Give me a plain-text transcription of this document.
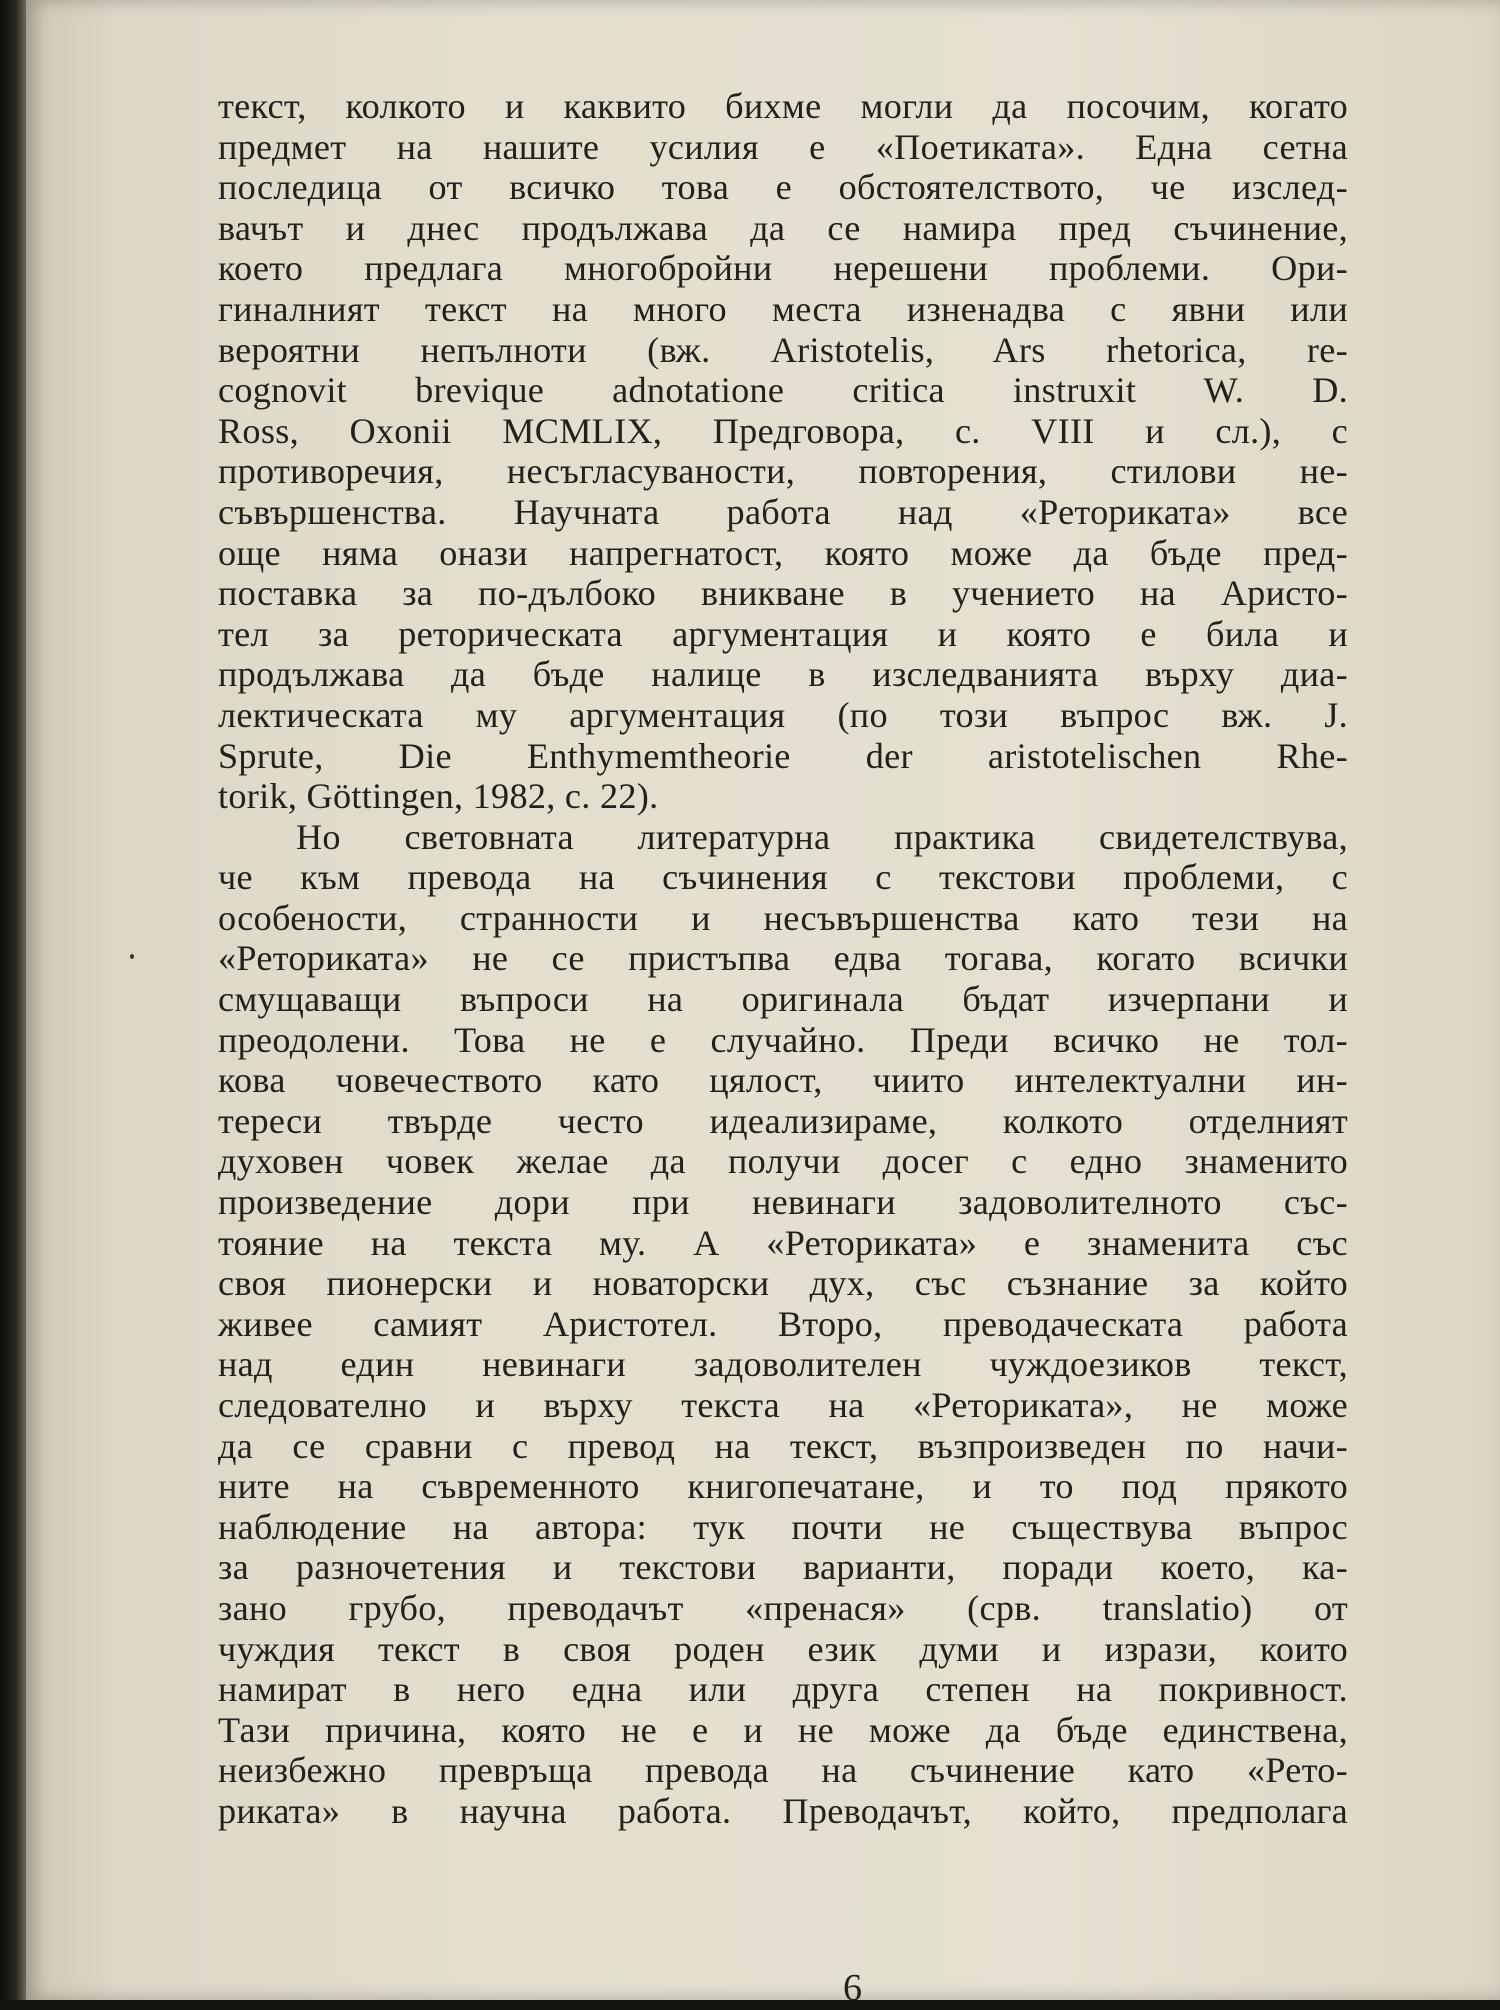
текст, колкото и каквито бихме могли да посочим, когато
предмет на нашите усилия е «Поетиката». Една сетна
последица от всичко това е обстоятелството, че изслед-
вачът и днес продължава да се намира пред съчинение,
което предлага многобройни нерешени проблеми. Ори-
гиналният текст на много места изненадва с явни или
вероятни непълноти (вж. Aristotelis, Ars rhetorica, re-
cognovit brevique adnotatione critica instruxit W. D.
Ross, Oxonii MCMLIX, Предговора, с. VIII и сл.), с
противоречия, несъгласуваности, повторения, стилови не-
съвършенства. Научната работа над «Реториката» все
още няма онази напрегнатост, която може да бъде пред-
поставка за по-дълбоко вникване в учението на Аристо-
тел за реторическата аргументация и която е била и
продължава да бъде налице в изследванията върху диа-
лектическата му аргументация (по този въпрос вж. J.
Sprute, Die Enthymemtheorie der aristotelischen Rhe-
torik, Göttingen, 1982, с. 22).
Но световната литературна практика свидетелствува,
че към превода на съчинения с текстови проблеми, с
особености, странности и несъвършенства като тези на
«Реториката» не се пристъпва едва тогава, когато всички
смущаващи въпроси на оригинала бъдат изчерпани и
преодолени. Това не е случайно. Преди всичко не тол-
кова човечеството като цялост, чиито интелектуални ин-
тереси твърде често идеализираме, колкото отделният
духовен човек желае да получи досег с едно знаменито
произведение дори при невинаги задоволителното със-
тояние на текста му. А «Реториката» е знаменита със
своя пионерски и новаторски дух, със съзнание за който
живее самият Аристотел. Второ, преводаческата работа
над един невинаги задоволителен чуждоезиков текст,
следователно и върху текста на «Реториката», не може
да се сравни с превод на текст, възпроизведен по начи-
ните на съвременното книгопечатане, и то под прякото
наблюдение на автора: тук почти не съществува въпрос
за разночетения и текстови варианти, поради което, ка-
зано грубо, преводачът «пренася» (срв. translatio) от
чуждия текст в своя роден език думи и изрази, които
намират в него една или друга степен на покривност.
Тази причина, която не е и не може да бъде единствена,
неизбежно превръща превода на съчинение като «Рето-
риката» в научна работа. Преводачът, който, предполага
6
